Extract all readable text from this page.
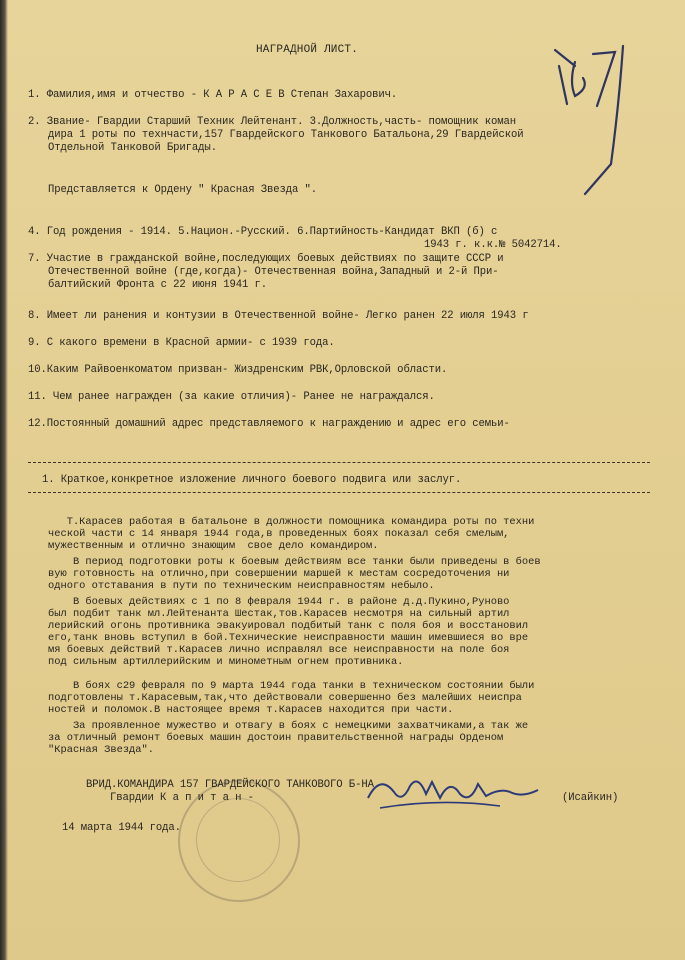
НАГРАДНОЙ ЛИСТ.
1. Фамилия,имя и отчество - К А Р А С Е В Степан Захарович.
2. Звание- Гвардии Старший Техник Лейтенант. 3.Должность,часть- помощник коман
дира 1 роты по технчасти,157 Гвардейского Танкового Батальона,29 Гвардейской
Отдельной Танковой Бригады.
Представляется к Ордену " Красная Звезда ".
4. Год рождения - 1914. 5.Национ.-Русский. 6.Партийность-Кандидат ВКП (б) с
1943 г. к.к.№ 5042714.
7. Участие в гражданской войне,последующих боевых действиях по защите СССР и
Отечественной войне (где,когда)- Отечественная война,Западный и 2-й При-
балтийский Фронта с 22 июня 1941 г.
8. Имеет ли ранения и контузии в Отечественной войне- Легко ранен 22 июля 1943 г
9. С какого времени в Красной армии- с 1939 года.
10.Каким Райвоенкоматом призван- Жиздренским РВК,Орловской области.
11. Чем ранее награжден (за какие отличия)- Ранее не награждался.
12.Постоянный домашний адрес представляемого к награждению и адрес его семьи-
1. Краткое,конкретное изложение личного боевого подвига или заслуг.
Т.Карасев работая в батальоне в должности помощника командира роты по техни
ческой части с 14 января 1944 года,в проведенных боях показал себя смелым,
мужественным и отлично знающим  свое дело командиром.
В период подготовки роты к боевым действиям все танки были приведены в боев
вую готовность на отлично,при совершении маршей к местам сосредоточения ни
одного отставания в пути по техническим неисправностям небыло.
В боевых действиях с 1 по 8 февраля 1944 г. в районе д.д.Пукино,Руново
был подбит танк мл.Лейтенанта Шестак,тов.Карасев несмотря на сильный артил
лерийский огонь противника эвакуировал подбитый танк с поля боя и восстановил
его,танк вновь вступил в бой.Технические неисправности машин имевшиеся во вре
мя боевых действий т.Карасев лично исправлял все неисправности на поле боя
под сильным артиллерийским и минометным огнем противника.
В боях с29 февраля по 9 марта 1944 года танки в техническом состоянии были
подготовлены т.Карасевым,так,что действовали совершенно без малейших неиспра
ностей и поломок.В настоящее время т.Карасев находится при части.
За проявленное мужество и отвагу в боях с немецкими захватчиками,а так же
за отличный ремонт боевых машин достоин правительственной награды Орденом
"Красная Звезда".
ВРИД.КОМАНДИРА 157 ГВАРДЕЙСКОГО ТАНКОВОГО Б-НА
Гвардии К а п и т а н -	(Исайкин)
14 марта 1944 года.
